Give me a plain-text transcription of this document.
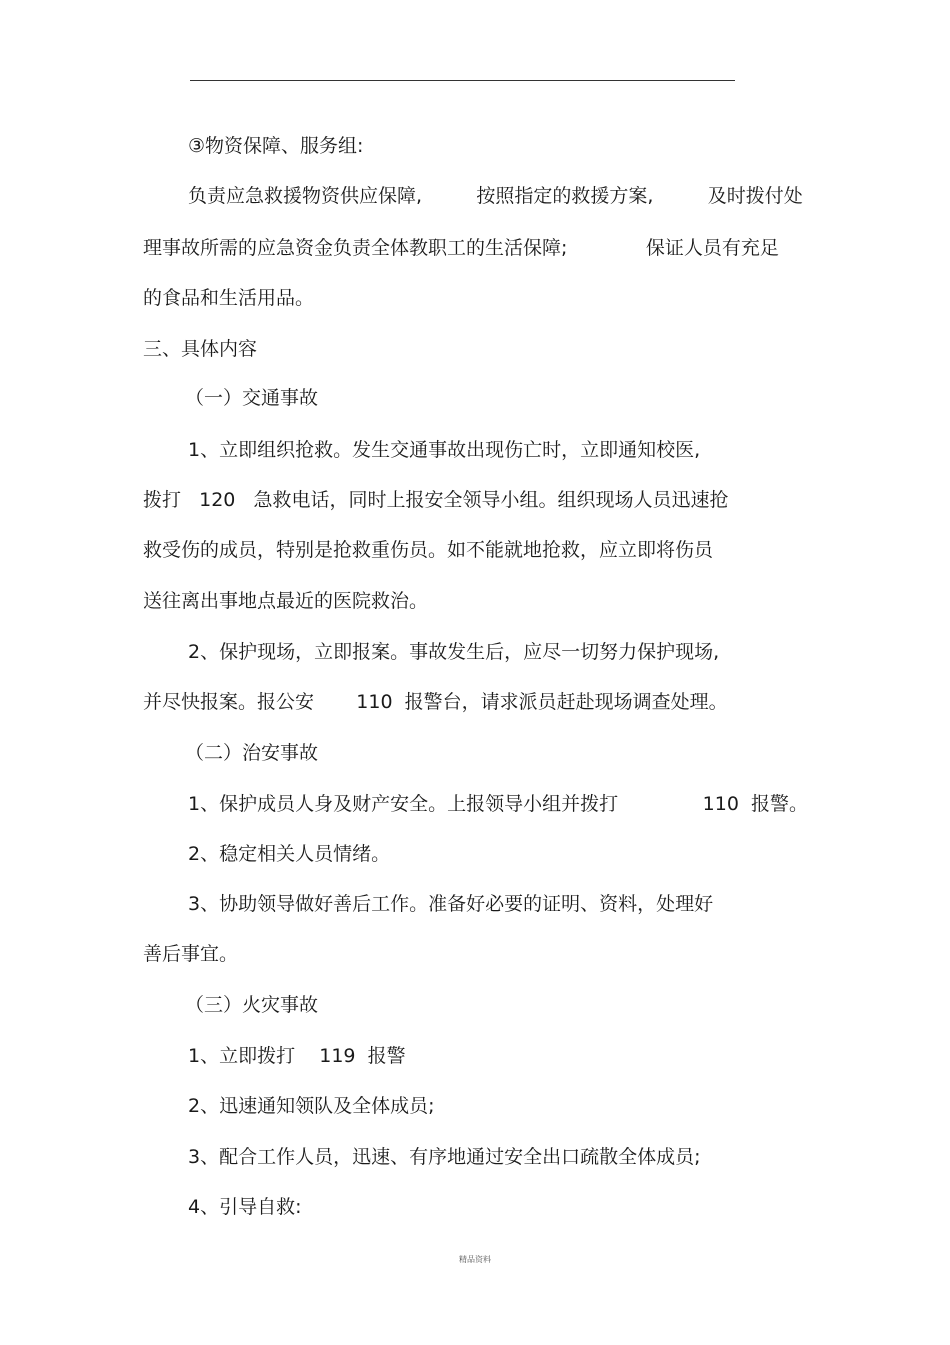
③物资保障、服务组:
负责应急救援物资供应保障,         按照指定的救援方案,         及时拨付处
理事故所需的应急资金负责全体教职工的生活保障;             保证人员有充足
的食品和生活用品。
三、具体内容
（一）交通事故
1、立即组织抢救。发生交通事故出现伤亡时，立即通知校医,
拨打   120   急救电话，同时上报安全领导小组。组织现场人员迅速抢
救受伤的成员，特别是抢救重伤员。如不能就地抢救，应立即将伤员
送往离出事地点最近的医院救治。
2、保护现场，立即报案。事故发生后，应尽一切努力保护现场,
并尽快报案。报公安       110  报警台，请求派员赶赴现场调查处理。
（二）治安事故
1、保护成员人身及财产安全。上报领导小组并拨打              110  报警。
2、稳定相关人员情绪。
3、协助领导做好善后工作。准备好必要的证明、资料，处理好
善后事宜。
（三）火灾事故
1、立即拨打    119  报警
2、迅速通知领队及全体成员;
3、配合工作人员，迅速、有序地通过安全出口疏散全体成员;
4、引导自救:
精品资料
